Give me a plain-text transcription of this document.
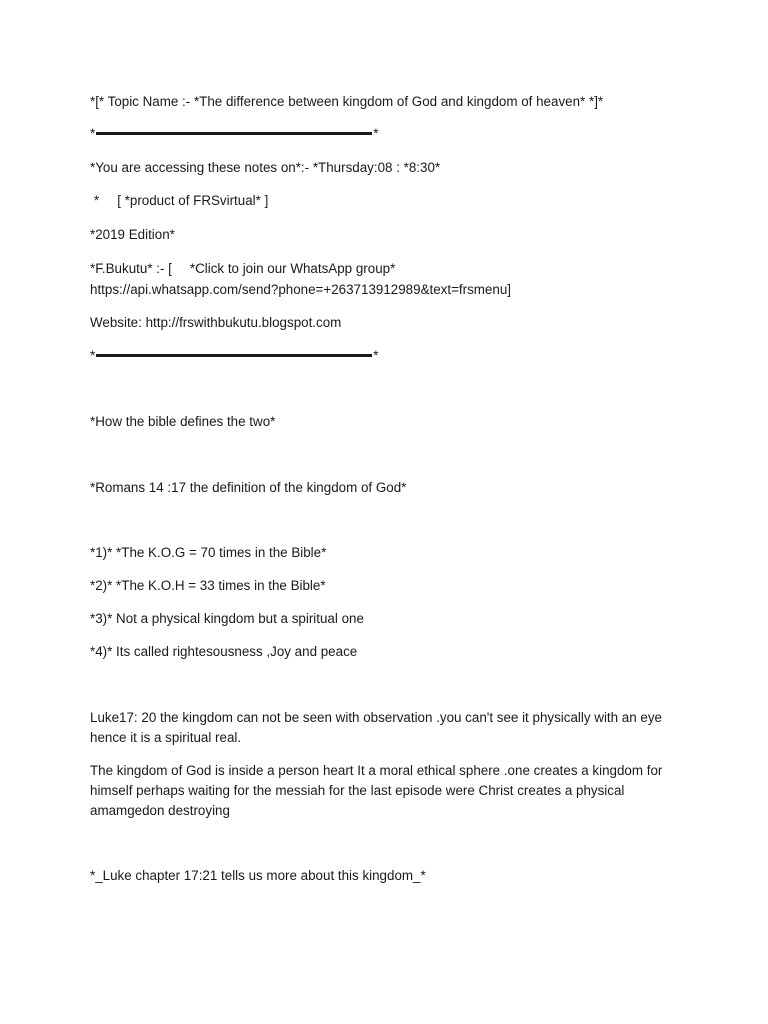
*[* Topic Name :- *The difference between kingdom of God and kingdom of heaven* *]*
*	*
*You are accessing these notes on*:- *Thursday:08 : *8:30*
* [ *product of FRSvirtual* ]
*2019 Edition*
*F.Bukutu* :- [ *Click to join our WhatsApp group*
https://api.whatsapp.com/send?phone=+263713912989&text=frsmenu]
Website: http://frswithbukutu.blogspot.com
*	*
*How the bible defines the two*
*Romans 14 :17 the definition of the kingdom of God*
*1)* *The K.O.G = 70 times in the Bible*
*2)* *The K.O.H = 33 times in the Bible*
*3)* Not a physical kingdom but a spiritual one
*4)* Its called rightesousness ,Joy and peace
Luke17: 20 the kingdom can not be seen with observation .you can't see it physically with an eye hence it is a spiritual real.
The kingdom of God is inside a person heart It a moral ethical sphere .one creates a kingdom for himself perhaps waiting for the messiah for the last episode were Christ creates a physical amamgedon destroying
*_Luke chapter 17:21 tells us more about this kingdom_*
